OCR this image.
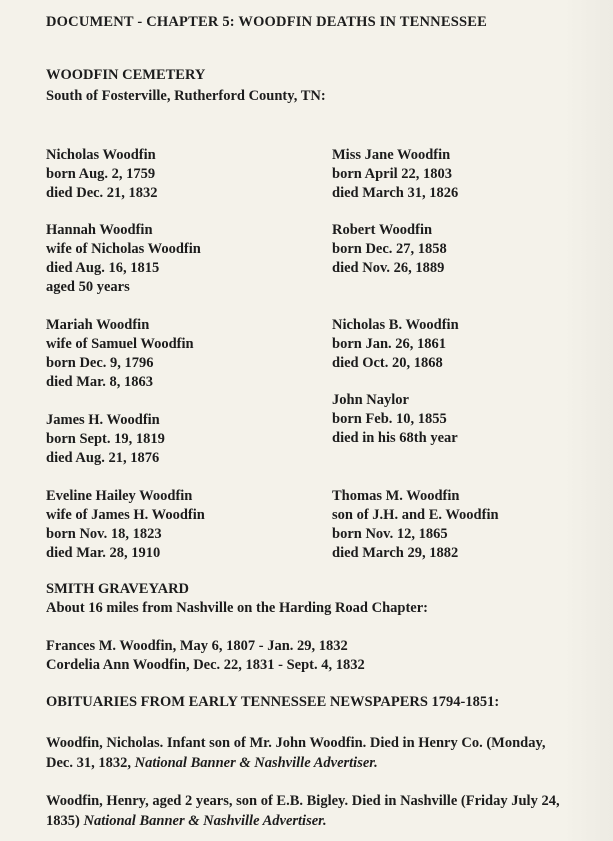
DOCUMENT - CHAPTER 5: WOODFIN DEATHS IN TENNESSEE
WOODFIN CEMETERY
South of Fosterville, Rutherford County, TN:
Nicholas Woodfin
born Aug. 2, 1759
died Dec. 21, 1832
Hannah Woodfin
wife of Nicholas Woodfin
died Aug. 16, 1815
aged 50 years
Mariah Woodfin
wife of Samuel Woodfin
born Dec. 9, 1796
died Mar. 8, 1863
James H. Woodfin
born Sept. 19, 1819
died Aug. 21, 1876
Eveline Hailey Woodfin
wife of James H. Woodfin
born Nov. 18, 1823
died Mar. 28, 1910
Miss Jane Woodfin
born April 22, 1803
died March 31, 1826
Robert Woodfin
born Dec. 27, 1858
died Nov. 26, 1889
Nicholas B. Woodfin
born Jan. 26, 1861
died Oct. 20, 1868
John Naylor
born Feb. 10, 1855
died in his 68th year
Thomas M. Woodfin
son of J.H. and E. Woodfin
born Nov. 12, 1865
died March 29, 1882
SMITH GRAVEYARD
About 16 miles from Nashville on the Harding Road Chapter:
Frances M. Woodfin, May 6, 1807 - Jan. 29, 1832
Cordelia Ann Woodfin, Dec. 22, 1831 - Sept. 4, 1832
OBITUARIES FROM EARLY TENNESSEE NEWSPAPERS 1794-1851:
Woodfin, Nicholas. Infant son of Mr. John Woodfin. Died in Henry Co. (Monday, Dec. 31, 1832, National Banner & Nashville Advertiser.
Woodfin, Henry, aged 2 years, son of E.B. Bigley. Died in Nashville (Friday July 24, 1835) National Banner & Nashville Advertiser.
